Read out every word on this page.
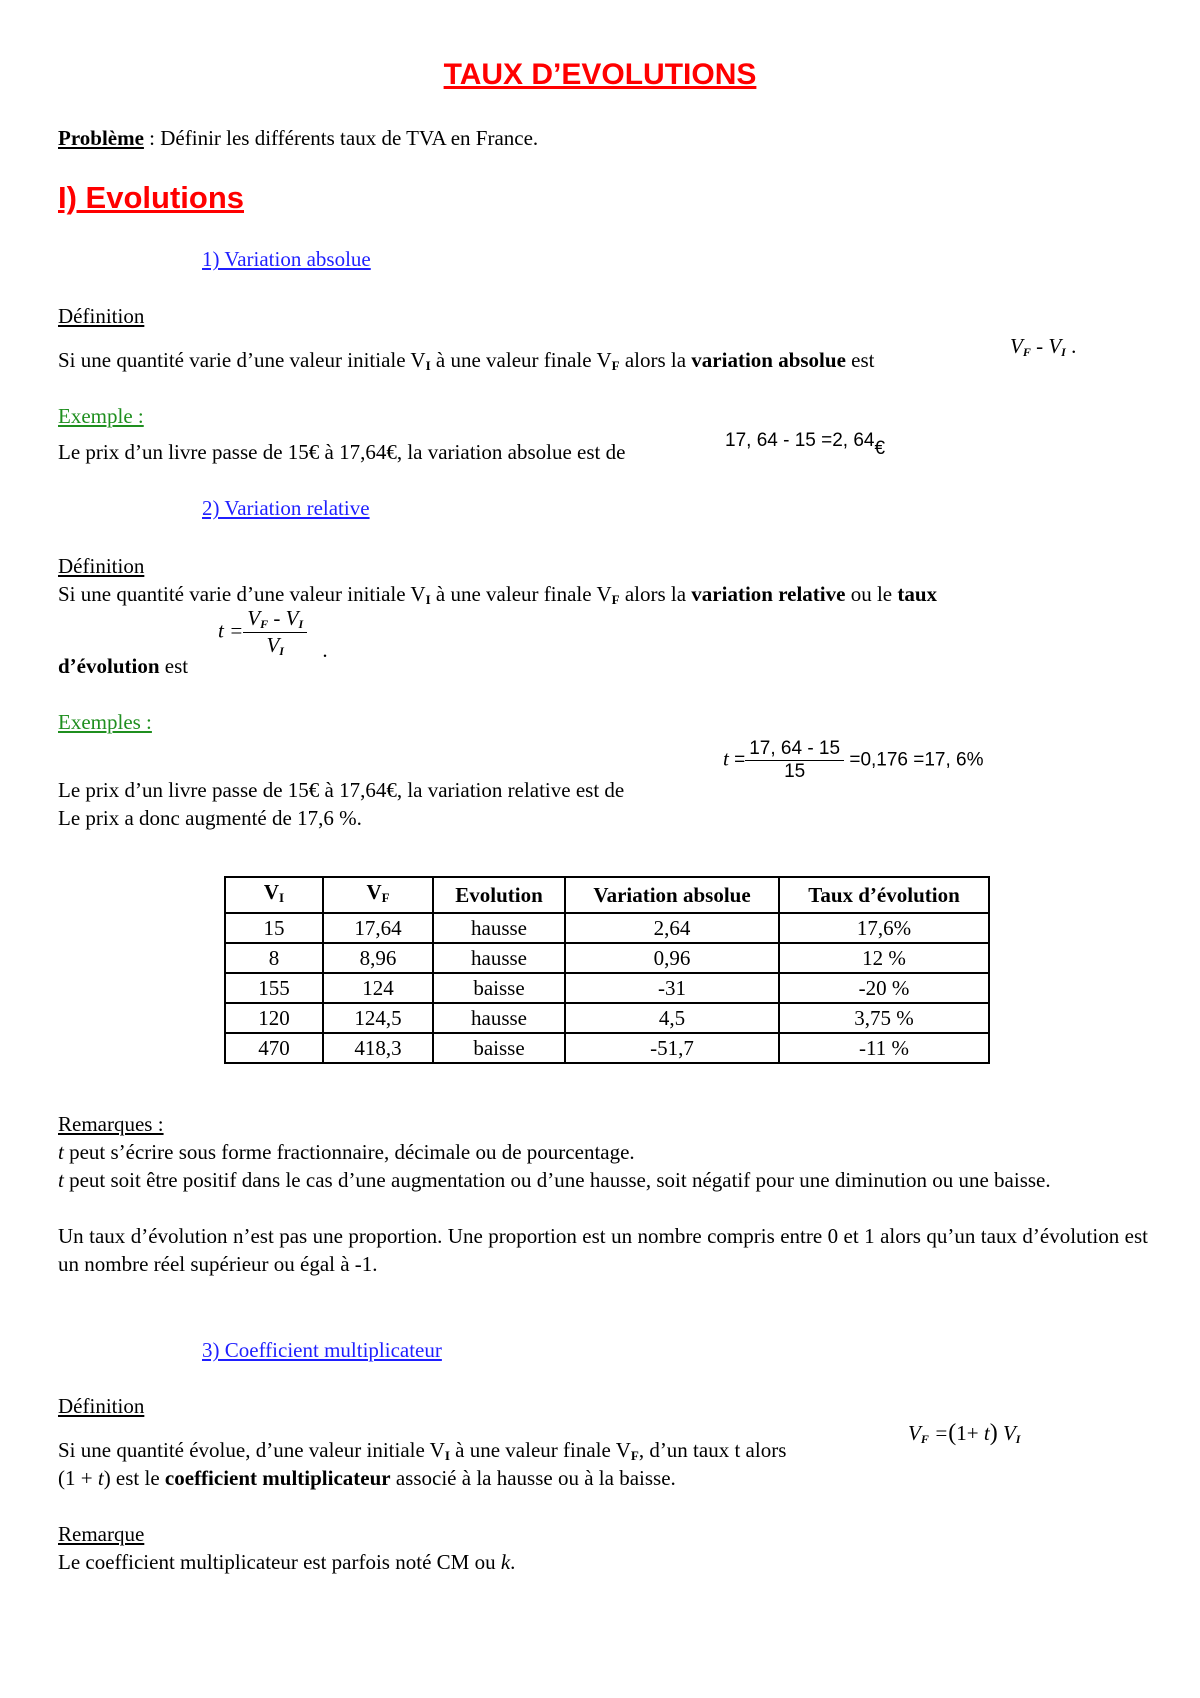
TAUX D’EVOLUTIONS
Problème : Définir les différents taux de TVA en France.
I) Evolutions
1) Variation absolue
Définition
Si une quantité varie d’une valeur initiale $V_I$ à une valeur finale $V_F$ alors la variation absolue est
$V_F - V_I$ .
Exemple :
Le prix d’un livre passe de 15€ à 17,64€, la variation absolue est de	17, 64 - 15 =2, 64€
2) Variation relative
Définition
Si une quantité varie d’une valeur initiale $V_I$ à une valeur finale $V_F$ alors la variation relative ou le taux
d’évolution est
$t = \frac{V_F - V_I}{V_I}$ .
Exemples :
Le prix d’un livre passe de 15€ à 17,64€, la variation relative est de
$t = \frac{17, 64 - 15}{15} =0,176 =17$, 6%
Le prix a donc augmenté de 17,6 %.
$V_I$	$V_F$	Evolution	Variation absolue	Taux d’évolution
15	17,64	hausse	2,64	17,6%
8	8,96	hausse	0,96	12 %
155	124	baisse	-31	-20 %
120	124,5	hausse	4,5	3,75 %
470	418,3	baisse	-51,7	-11 %
Remarques :
t peut s’écrire sous forme fractionnaire, décimale ou de pourcentage.
t peut soit être positif dans le cas d’une augmentation ou d’une hausse, soit négatif pour une diminution ou une baisse.
Un taux d’évolution n’est pas une proportion. Une proportion est un nombre compris entre 0 et 1 alors qu’un taux d’évolution est un nombre réel supérieur ou égal à -1.
3) Coefficient multiplicateur
Définition
Si une quantité évolue, d’une valeur initiale $V_I$ à une valeur finale $V_F$, d’un taux t alors
$V_F =(1+ t)$ $V_I$
(1 + t) est le coefficient multiplicateur associé à la hausse ou à la baisse.
Remarque
Le coefficient multiplicateur est parfois noté CM ou k.
